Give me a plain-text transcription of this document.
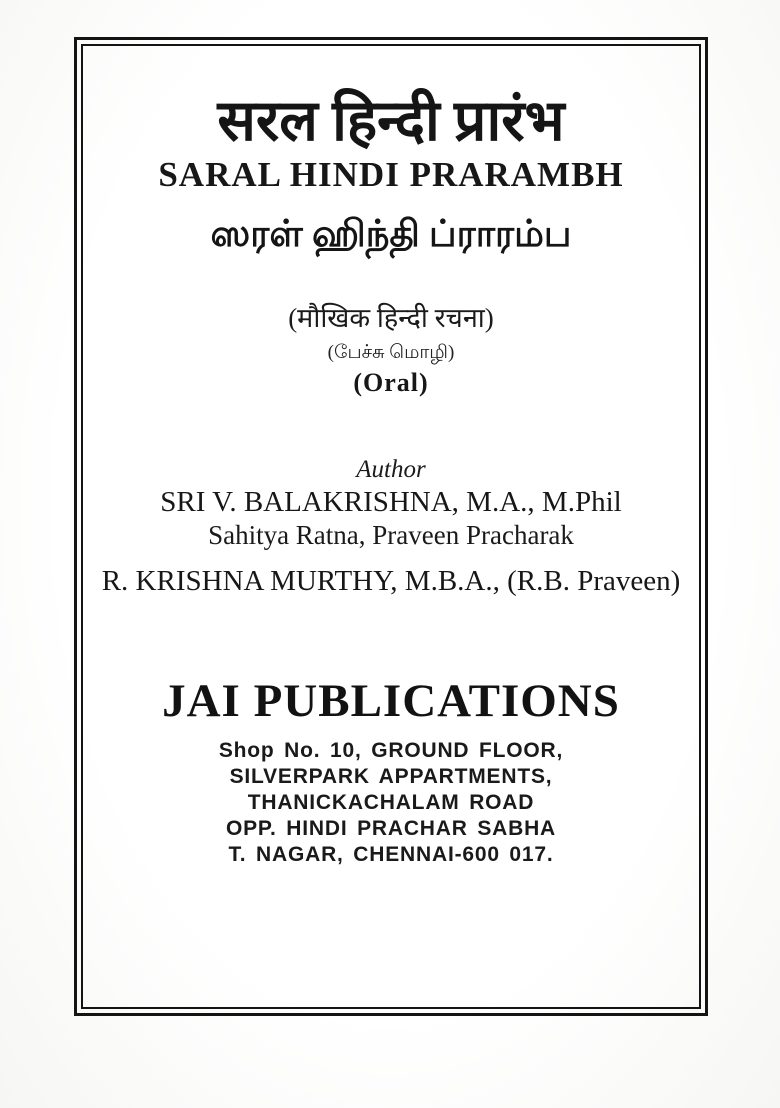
सरल हिन्दी प्रारंभ
SARAL HINDI PRARAMBH
ஸரள் ஹிந்தி ப்ராரம்ப
(मौखिक हिन्दी रचना)
(பேச்சு மொழி)
(Oral)
Author
SRI V. BALAKRISHNA, M.A., M.Phil
Sahitya Ratna, Praveen Pracharak
R. KRISHNA MURTHY, M.B.A., (R.B. Praveen)
JAI PUBLICATIONS
Shop No. 10, GROUND FLOOR,
SILVERPARK APPARTMENTS,
THANICKACHALAM ROAD
OPP. HINDI PRACHAR SABHA
T. NAGAR, CHENNAI-600 017.
